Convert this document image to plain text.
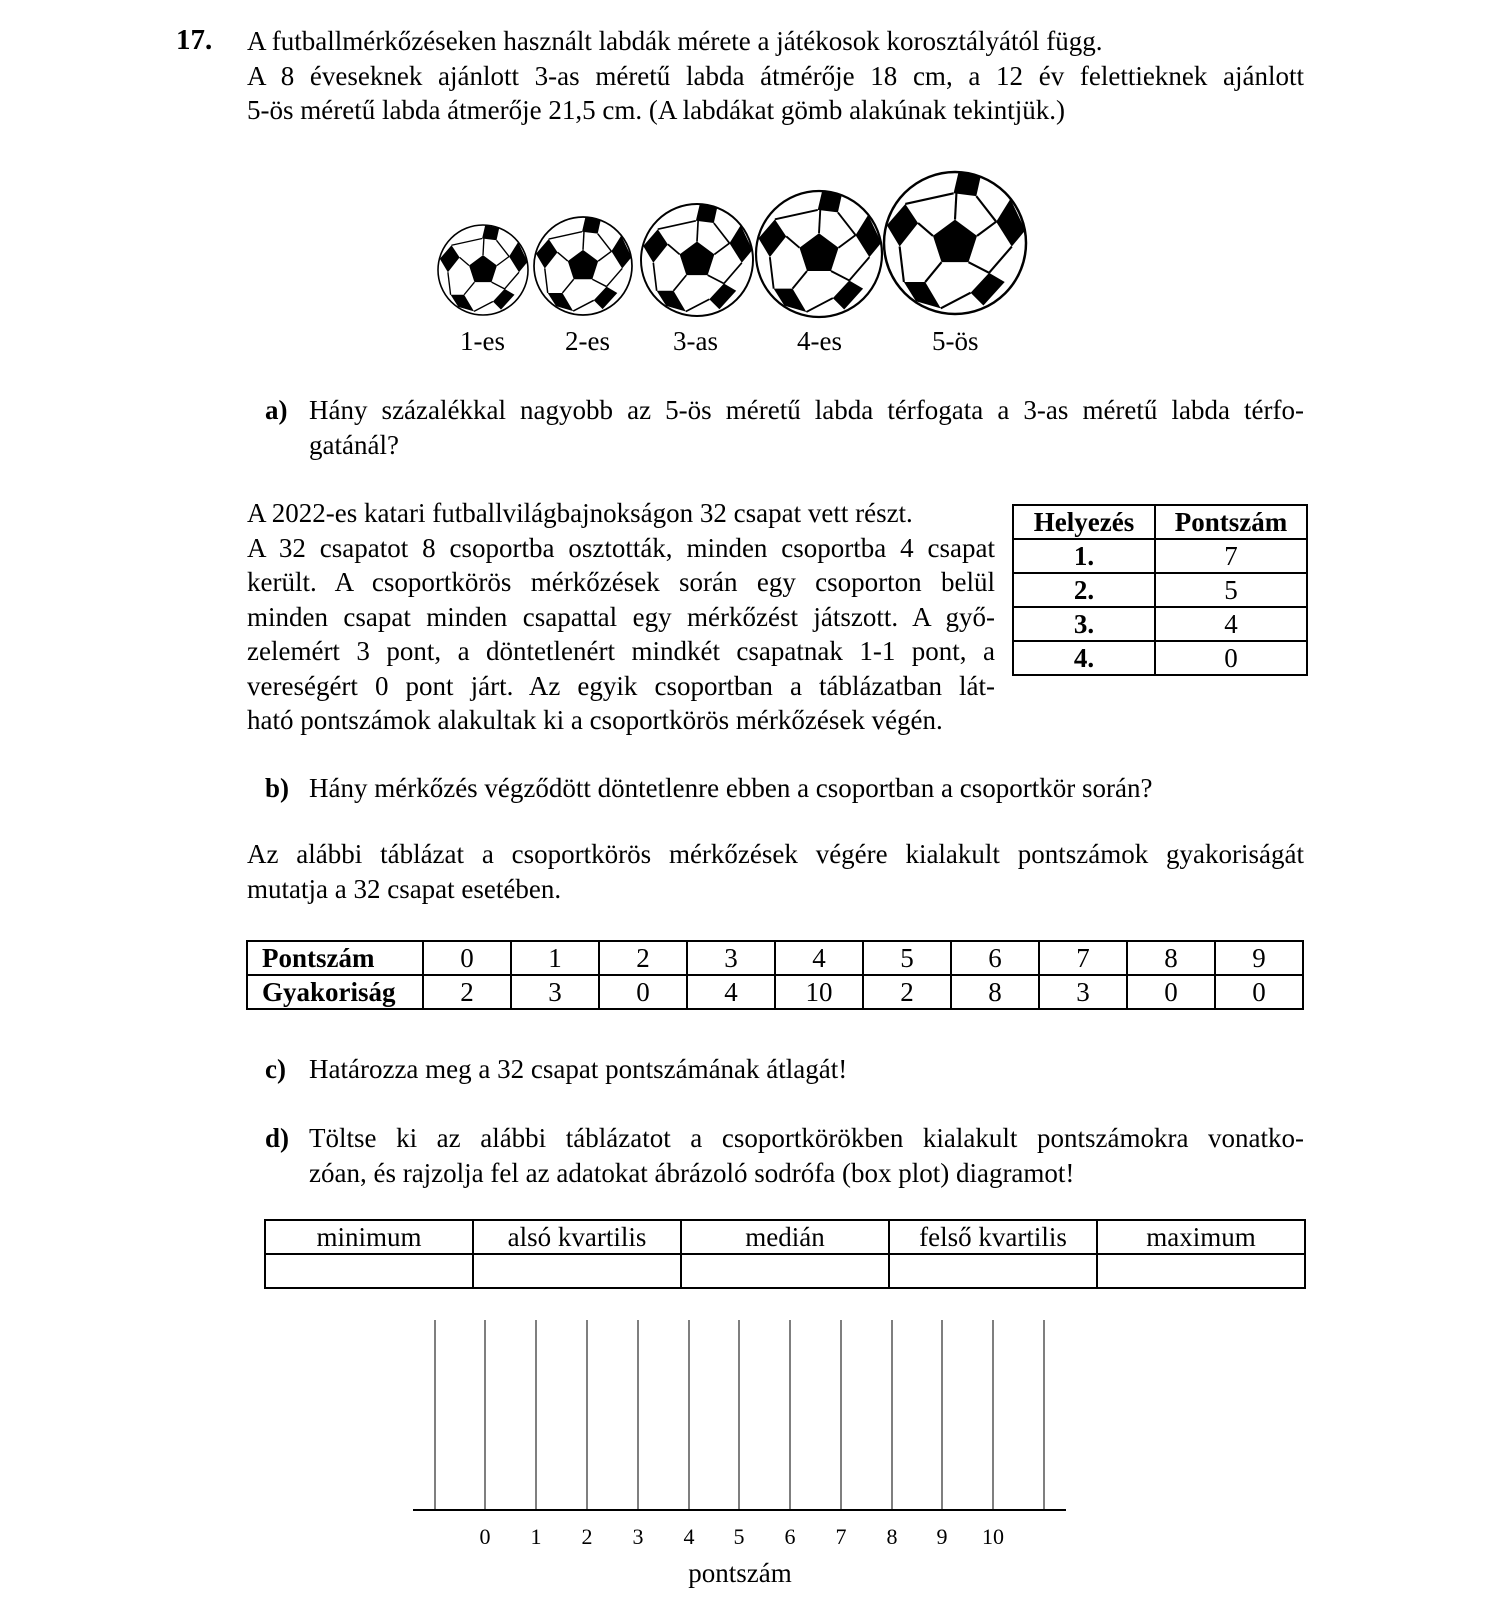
17. A futballmérkőzéseken használt labdák mérete a játékosok korosztályától függ.
A 8 éveseknek ajánlott 3-as méretű labda átmérője 18 cm, a 12 év felettieknek ajánlott
5-ös méretű labda átmerője 21,5 cm. (A labdákat gömb alakúnak tekintjük.)
1-es 2-es 3-as	4-es	5-ös
a) Hány százalékkal nagyobb az 5-ös méretű labda térfogata a 3-as méretű labda térfo-
gatánál?
A 2022-es katari futballvilágbajnokságon 32 csapat vett részt.
A 32 csapatot 8 csoportba osztották, minden csoportba 4 csapat
került. A csoportkörös mérkőzések során egy csoporton belül
minden csapat minden csapattal egy mérkőzést játszott. A győ-
zelemért 3 pont, a döntetlenért mindkét csapatnak 1-1 pont, a
vereségért 0 pont járt. Az egyik csoportban a táblázatban lát-
ható pontszámok alakultak ki a csoportkörös mérkőzések végén.
Helyezés	Pontszám
1.	7
2.	5
3.	4
4.	0
b) Hány mérkőzés végződött döntetlenre ebben a csoportban a csoportkör során?
Az alábbi táblázat a csoportkörös mérkőzések végére kialakult pontszámok gyakoriságát
mutatja a 32 csapat esetében.
Pontszám	0	1	2	3	4	5	6	7	8	9
Gyakoriság	2	3	0	4	10	2	8	3	0	0
c) Határozza meg a 32 csapat pontszámának átlagát!
d) Töltse ki az alábbi táblázatot a csoportkörökben kialakult pontszámokra vonatko-
zóan, és rajzolja fel az adatokat ábrázoló sodrófa (box plot) diagramot!
minimum	alsó kvartilis	medián	felső kvartilis	maximum

0 1 2 3 4 5 6 7 8 9 10
pontszám
